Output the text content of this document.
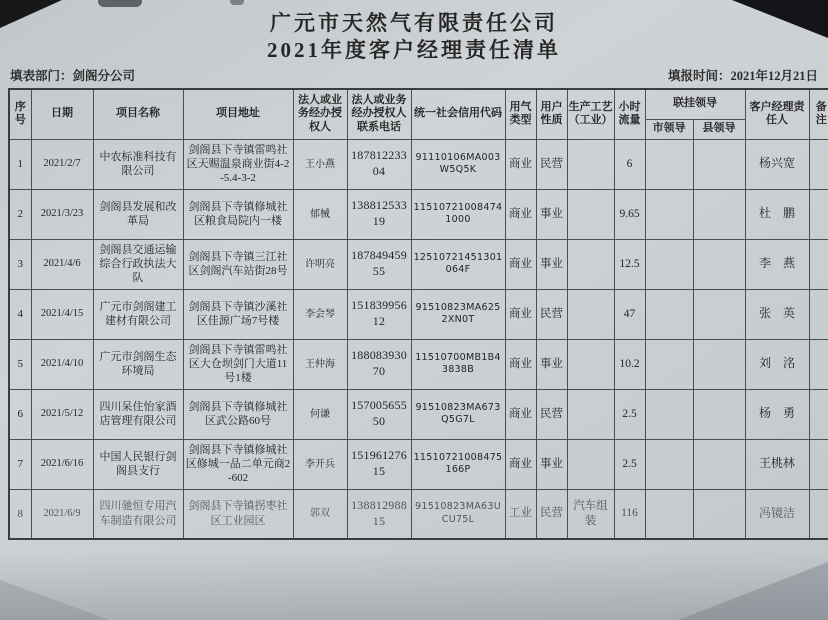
广元市天然气有限责任公司
2021年度客户经理责任清单
填表部门：剑阁分公司	填报时间：2021年12月21日
序号	日期	项目名称	项目地址	法人或业务经办授权人	法人或业务经办授权人联系电话	统一社会信用代码	用气类型	用户性质	生产工艺（工业）	小时流量	联挂领导		客户经理责任人	备注
											市领导	县领导		
1	2021/2/7	中农标准科技有限公司	剑阁县下寺镇雷鸣社区天赐温泉商业街4-2-5.4-3-2	王小燕	18781223304	91110106MA003W5Q5K	商业	民营		6			杨兴宽	
2	2021/3/23	剑阁县发展和改革局	剑阁县下寺镇修城社区粮食局院内一楼	郁械	13881253319	115107210084741000	商业	事业		9.65			杜　鹏	
3	2021/4/6	剑阁县交通运输综合行政执法大队	剑阁县下寺镇三江社区剑阁汽车站街28号	许明亮	18784945955	12510721451301064F	商业	事业		12.5			李　燕	
4	2021/4/15	广元市剑阁建工建材有限公司	剑阁县下寺镇沙溪社区佳源广场7号楼	李会琴	15183995612	91510823MA6252XN0T	商业	民营		47			张　英	
5	2021/4/10	广元市剑阁生态环境局	剑阁县下寺镇雷鸣社区大仓坝剑门大道11号1楼	王仲海	18808393070	11510700MB1B43838B	商业	事业		10.2			刘　洺	
6	2021/5/12	四川呆住怡家酒店管理有限公司	剑阁县下寺镇修城社区武公路60号	何谦	15700565550	91510823MA673Q5G7L	商业	民营		2.5			杨　勇	
7	2021/6/16	中国人民银行剑阁县支行	剑阁县下寺镇修城社区修城一品二单元商2-602	李开兵	15196127615	11510721008475166P	商业	事业		2.5			王桃林	
8	2021/6/9	四川驰恒专用汽车制造有限公司	剑阁县下寺镇拐枣社区工业园区	郭双	13881298815	91510823MA63UCU75L	工业	民营	汽车组装	116			冯镜洁	
